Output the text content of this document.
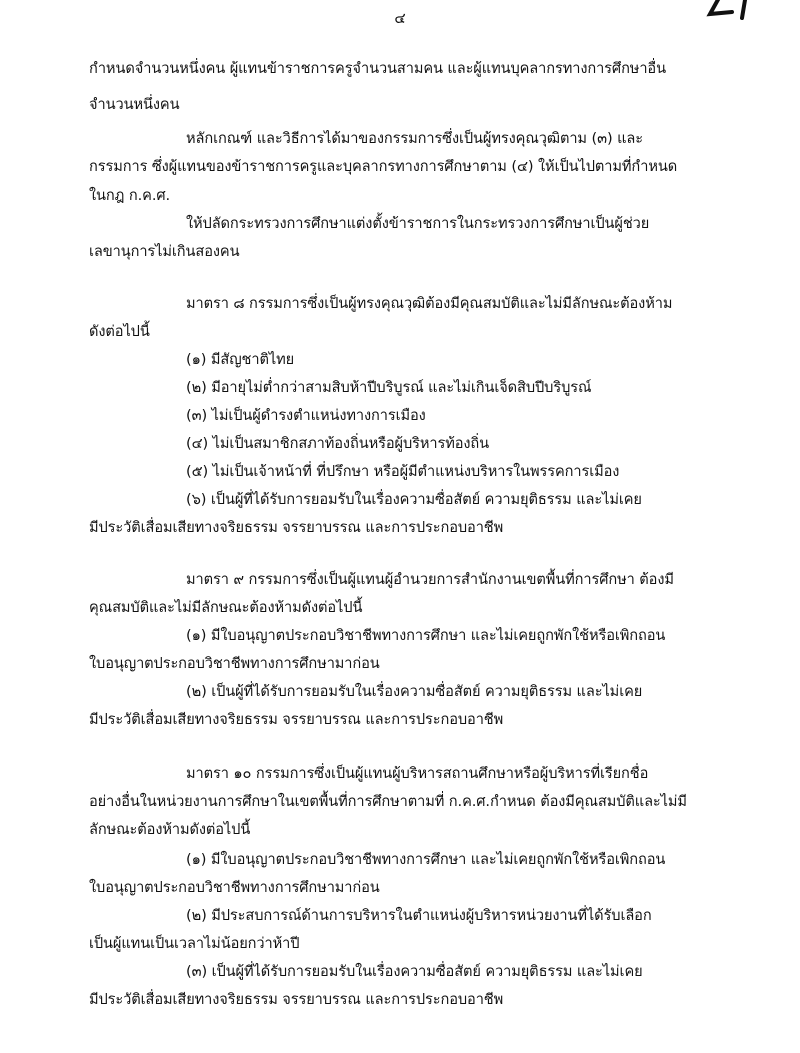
๔
กำหนดจำนวนหนึ่งคน ผู้แทนข้าราชการครูจำนวนสามคน และผู้แทนบุคลากรทางการศึกษาอื่น
จำนวนหนึ่งคน
หลักเกณฑ์ และวิธีการได้มาของกรรมการซึ่งเป็นผู้ทรงคุณวุฒิตาม (๓) และ
กรรมการ ซึ่งผู้แทนของข้าราชการครูและบุคลากรทางการศึกษาตาม (๔) ให้เป็นไปตามที่กำหนด
ในกฎ ก.ค.ศ.
ให้ปลัดกระทรวงการศึกษาแต่งตั้งข้าราชการในกระทรวงการศึกษาเป็นผู้ช่วย
เลขานุการไม่เกินสองคน
มาตรา ๘ กรรมการซึ่งเป็นผู้ทรงคุณวุฒิต้องมีคุณสมบัติและไม่มีลักษณะต้องห้าม
ดังต่อไปนี้
(๑) มีสัญชาติไทย
(๒) มีอายุไม่ต่ำกว่าสามสิบห้าปีบริบูรณ์ และไม่เกินเจ็ดสิบปีบริบูรณ์
(๓) ไม่เป็นผู้ดำรงตำแหน่งทางการเมือง
(๔) ไม่เป็นสมาชิกสภาท้องถิ่นหรือผู้บริหารท้องถิ่น
(๕) ไม่เป็นเจ้าหน้าที่ ที่ปรึกษา หรือผู้มีตำแหน่งบริหารในพรรคการเมือง
(๖) เป็นผู้ที่ได้รับการยอมรับในเรื่องความซื่อสัตย์ ความยุติธรรม และไม่เคย
มีประวัติเสื่อมเสียทางจริยธรรม จรรยาบรรณ และการประกอบอาชีพ
มาตรา ๙ กรรมการซึ่งเป็นผู้แทนผู้อำนวยการสำนักงานเขตพื้นที่การศึกษา ต้องมี
คุณสมบัติและไม่มีลักษณะต้องห้ามดังต่อไปนี้
(๑) มีใบอนุญาตประกอบวิชาชีพทางการศึกษา และไม่เคยถูกพักใช้หรือเพิกถอน
ใบอนุญาตประกอบวิชาชีพทางการศึกษามาก่อน
(๒) เป็นผู้ที่ได้รับการยอมรับในเรื่องความซื่อสัตย์ ความยุติธรรม และไม่เคย
มีประวัติเสื่อมเสียทางจริยธรรม จรรยาบรรณ และการประกอบอาชีพ
มาตรา ๑๐ กรรมการซึ่งเป็นผู้แทนผู้บริหารสถานศึกษาหรือผู้บริหารที่เรียกชื่อ
อย่างอื่นในหน่วยงานการศึกษาในเขตพื้นที่การศึกษาตามที่ ก.ค.ศ.กำหนด ต้องมีคุณสมบัติและไม่มี
ลักษณะต้องห้ามดังต่อไปนี้
(๑) มีใบอนุญาตประกอบวิชาชีพทางการศึกษา และไม่เคยถูกพักใช้หรือเพิกถอน
ใบอนุญาตประกอบวิชาชีพทางการศึกษามาก่อน
(๒) มีประสบการณ์ด้านการบริหารในตำแหน่งผู้บริหารหน่วยงานที่ได้รับเลือก
เป็นผู้แทนเป็นเวลาไม่น้อยกว่าห้าปี
(๓) เป็นผู้ที่ได้รับการยอมรับในเรื่องความซื่อสัตย์ ความยุติธรรม และไม่เคย
มีประวัติเสื่อมเสียทางจริยธรรม จรรยาบรรณ และการประกอบอาชีพ
